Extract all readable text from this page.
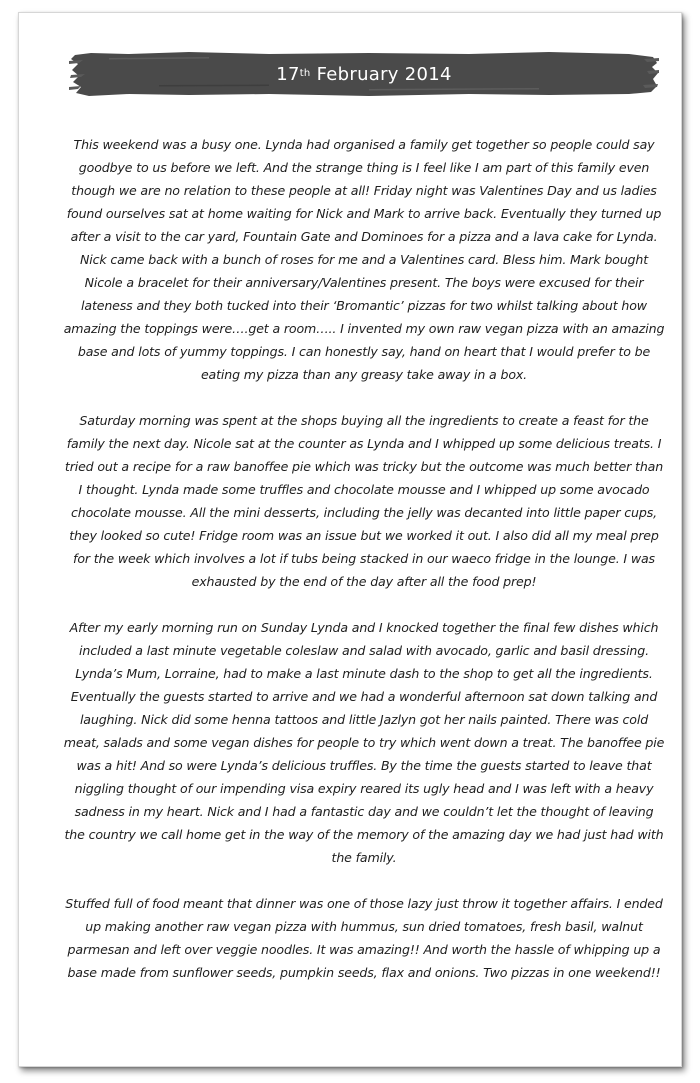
17th
February 2014

This weekend was a busy one. Lynda had organised a family get together so people could say goodbye to us before we left. And the strange thing is I feel like I am part of this family even though we are no relation to these people at all! Friday night was Valentines Day and us ladies found ourselves sat at home waiting for Nick and Mark to arrive back. Eventually they turned up after a visit to the car yard, Fountain Gate and Dominoes for a pizza and a lava cake for Lynda. Nick came back with a bunch of roses for me and a Valentines card. Bless him. Mark bought Nicole a bracelet for their anniversary/Valentines present. The boys were excused for their lateness and they both tucked into their ‘Bromantic’ pizzas for two whilst talking about how amazing the toppings were….get a room….. I invented my own raw vegan pizza with an amazing base and lots of yummy toppings. I can honestly say, hand on heart that I would prefer to be eating my pizza than any greasy take away in a box.

Saturday morning was spent at the shops buying all the ingredients to create a feast for the family the next day. Nicole sat at the counter as Lynda and I whipped up some delicious treats. I tried out a recipe for a raw banoffee pie which was tricky but the outcome was much better than I thought. Lynda made some truffles and chocolate mousse and I whipped up some avocado chocolate mousse. All the mini desserts, including the jelly was decanted into little paper cups, they looked so cute! Fridge room was an issue but we worked it out. I also did all my meal prep for the week which involves a lot if tubs being stacked in our waeco fridge in the lounge. I was exhausted by the end of the day after all the food prep!

After my early morning run on Sunday Lynda and I knocked together the final few dishes which included a last minute vegetable coleslaw and salad with avocado, garlic and basil dressing. Lynda’s Mum, Lorraine, had to make a last minute dash to the shop to get all the ingredients. Eventually the guests started to arrive and we had a wonderful afternoon sat down talking and laughing. Nick did some henna tattoos and little Jazlyn got her nails painted. There was cold meat, salads and some vegan dishes for people to try which went down a treat. The banoffee pie was a hit! And so were Lynda’s delicious truffles. By the time the guests started to leave that niggling thought of our impending visa expiry reared its ugly head and I was left with a heavy sadness in my heart. Nick and I had a fantastic day and we couldn’t let the thought of leaving the country we call home get in the way of the memory of the amazing day we had just had with the family.

Stuffed full of food meant that dinner was one of those lazy just throw it together affairs. I ended up making another raw vegan pizza with hummus, sun dried tomatoes, fresh basil, walnut parmesan and left over veggie noodles. It was amazing!! And worth the hassle of whipping up a base made from sunflower seeds, pumpkin seeds, flax and onions. Two pizzas in one weekend!!
